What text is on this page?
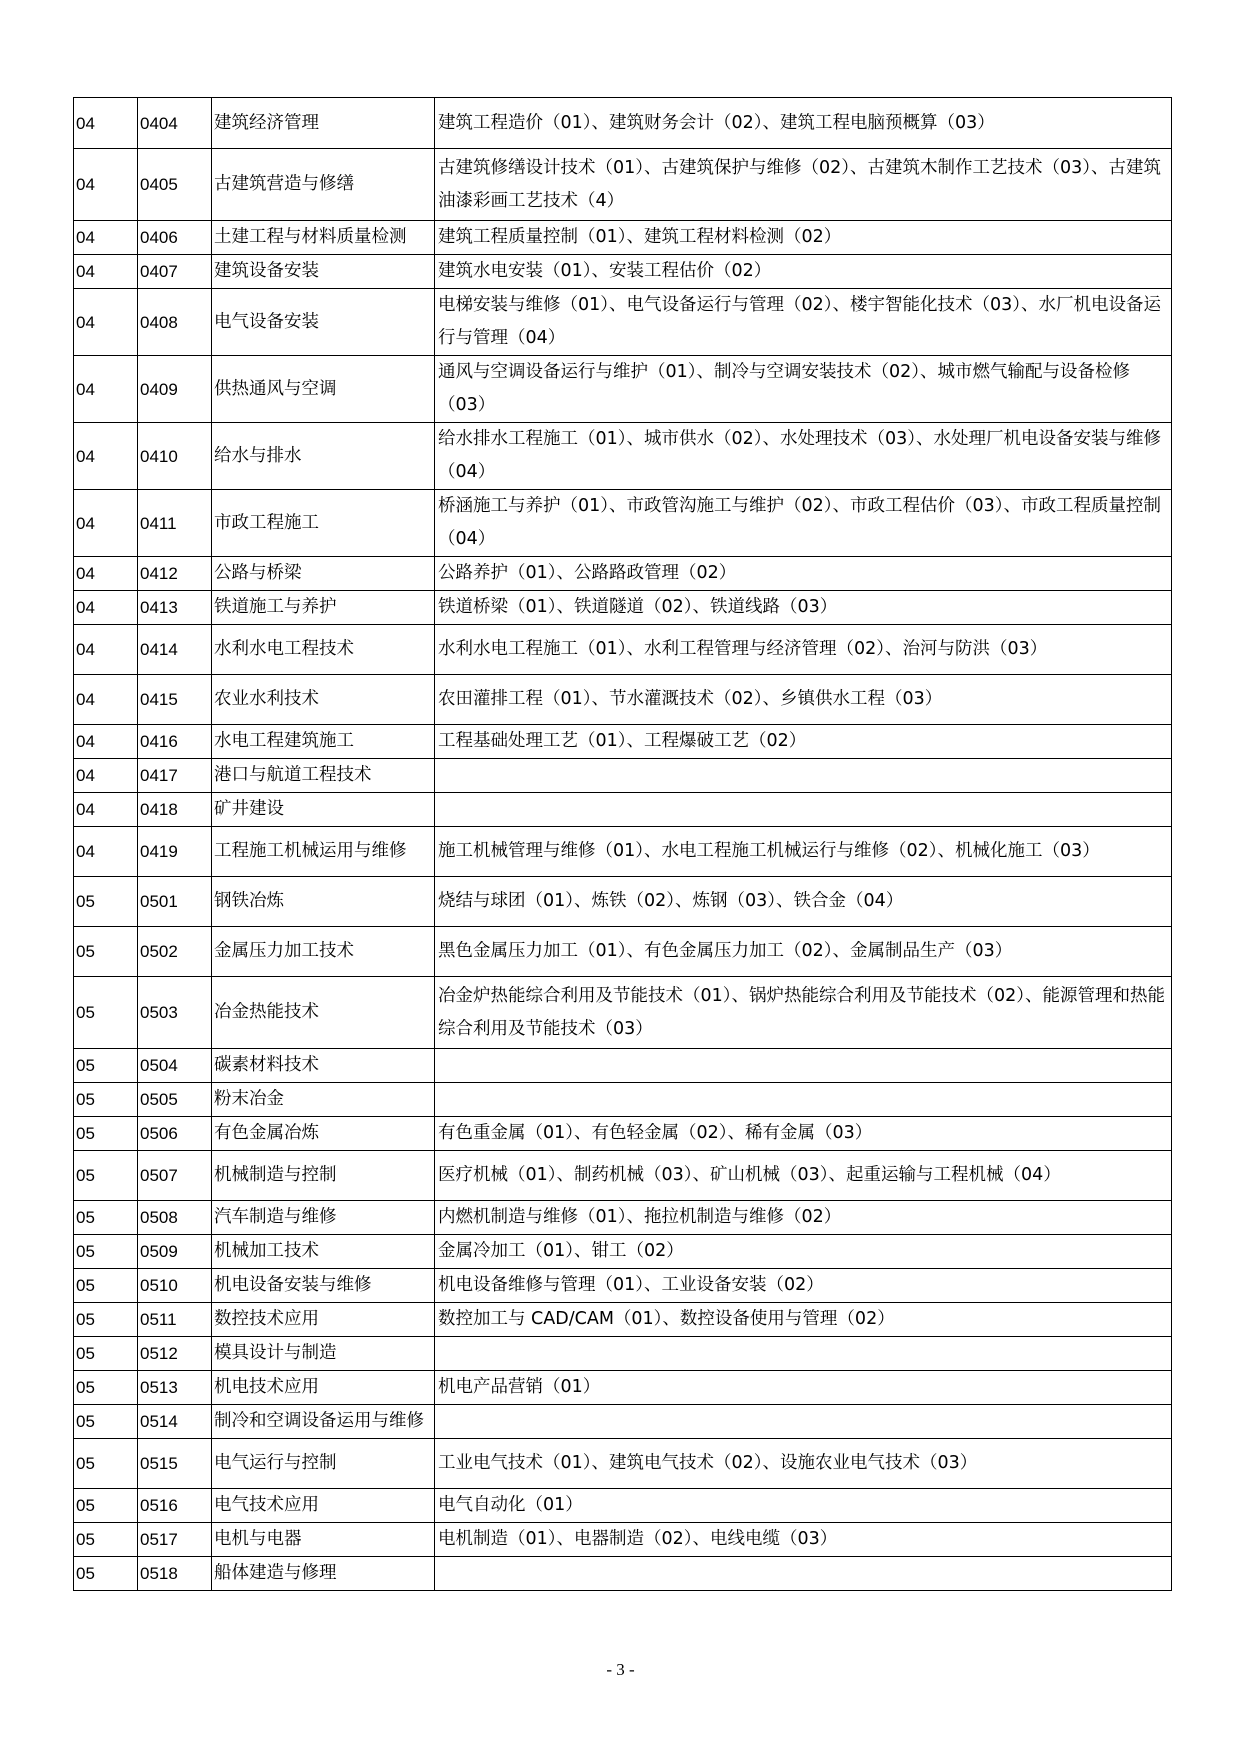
04	0404	建筑经济管理	建筑工程造价（01）、建筑财务会计（02）、建筑工程电脑预概算（03）
04	0405	古建筑营造与修缮	古建筑修缮设计技术（01）、古建筑保护与维修（02）、古建筑木制作工艺技术（03）、古建筑油漆彩画工艺技术（4）
04	0406	土建工程与材料质量检测	建筑工程质量控制（01）、建筑工程材料检测（02）
04	0407	建筑设备安装	建筑水电安装（01）、安装工程估价（02）
04	0408	电气设备安装	电梯安装与维修（01）、电气设备运行与管理（02）、楼宇智能化技术（03）、水厂机电设备运行与管理（04）
04	0409	供热通风与空调	通风与空调设备运行与维护（01）、制冷与空调安装技术（02）、城市燃气输配与设备检修（03）
04	0410	给水与排水	给水排水工程施工（01）、城市供水（02）、水处理技术（03）、水处理厂机电设备安装与维修（04）
04	0411	市政工程施工	桥涵施工与养护（01）、市政管沟施工与维护（02）、市政工程估价（03）、市政工程质量控制（04）
04	0412	公路与桥梁	公路养护（01）、公路路政管理（02）
04	0413	铁道施工与养护	铁道桥梁（01）、铁道隧道（02）、铁道线路（03）
04	0414	水利水电工程技术	水利水电工程施工（01）、水利工程管理与经济管理（02）、治河与防洪（03）
04	0415	农业水利技术	农田灌排工程（01）、节水灌溉技术（02）、乡镇供水工程（03）
04	0416	水电工程建筑施工	工程基础处理工艺（01）、工程爆破工艺（02）
04	0417	港口与航道工程技术	
04	0418	矿井建设	
04	0419	工程施工机械运用与维修	施工机械管理与维修（01）、水电工程施工机械运行与维修（02）、机械化施工（03）
05	0501	钢铁冶炼	烧结与球团（01）、炼铁（02）、炼钢（03）、铁合金（04）
05	0502	金属压力加工技术	黑色金属压力加工（01）、有色金属压力加工（02）、金属制品生产（03）
05	0503	冶金热能技术	冶金炉热能综合利用及节能技术（01）、锅炉热能综合利用及节能技术（02）、能源管理和热能综合利用及节能技术（03）
05	0504	碳素材料技术	
05	0505	粉末冶金	
05	0506	有色金属冶炼	有色重金属（01）、有色轻金属（02）、稀有金属（03）
05	0507	机械制造与控制	医疗机械（01）、制药机械（03）、矿山机械（03）、起重运输与工程机械（04）
05	0508	汽车制造与维修	内燃机制造与维修（01）、拖拉机制造与维修（02）
05	0509	机械加工技术	金属冷加工（01）、钳工（02）
05	0510	机电设备安装与维修	机电设备维修与管理（01）、工业设备安装（02）
05	0511	数控技术应用	数控加工与 CAD/CAM（01）、数控设备使用与管理（02）
05	0512	模具设计与制造	
05	0513	机电技术应用	机电产品营销（01）
05	0514	制冷和空调设备运用与维修	
05	0515	电气运行与控制	工业电气技术（01）、建筑电气技术（02）、设施农业电气技术（03）
05	0516	电气技术应用	电气自动化（01）
05	0517	电机与电器	电机制造（01）、电器制造（02）、电线电缆（03）
05	0518	船体建造与修理	
- 3 -
